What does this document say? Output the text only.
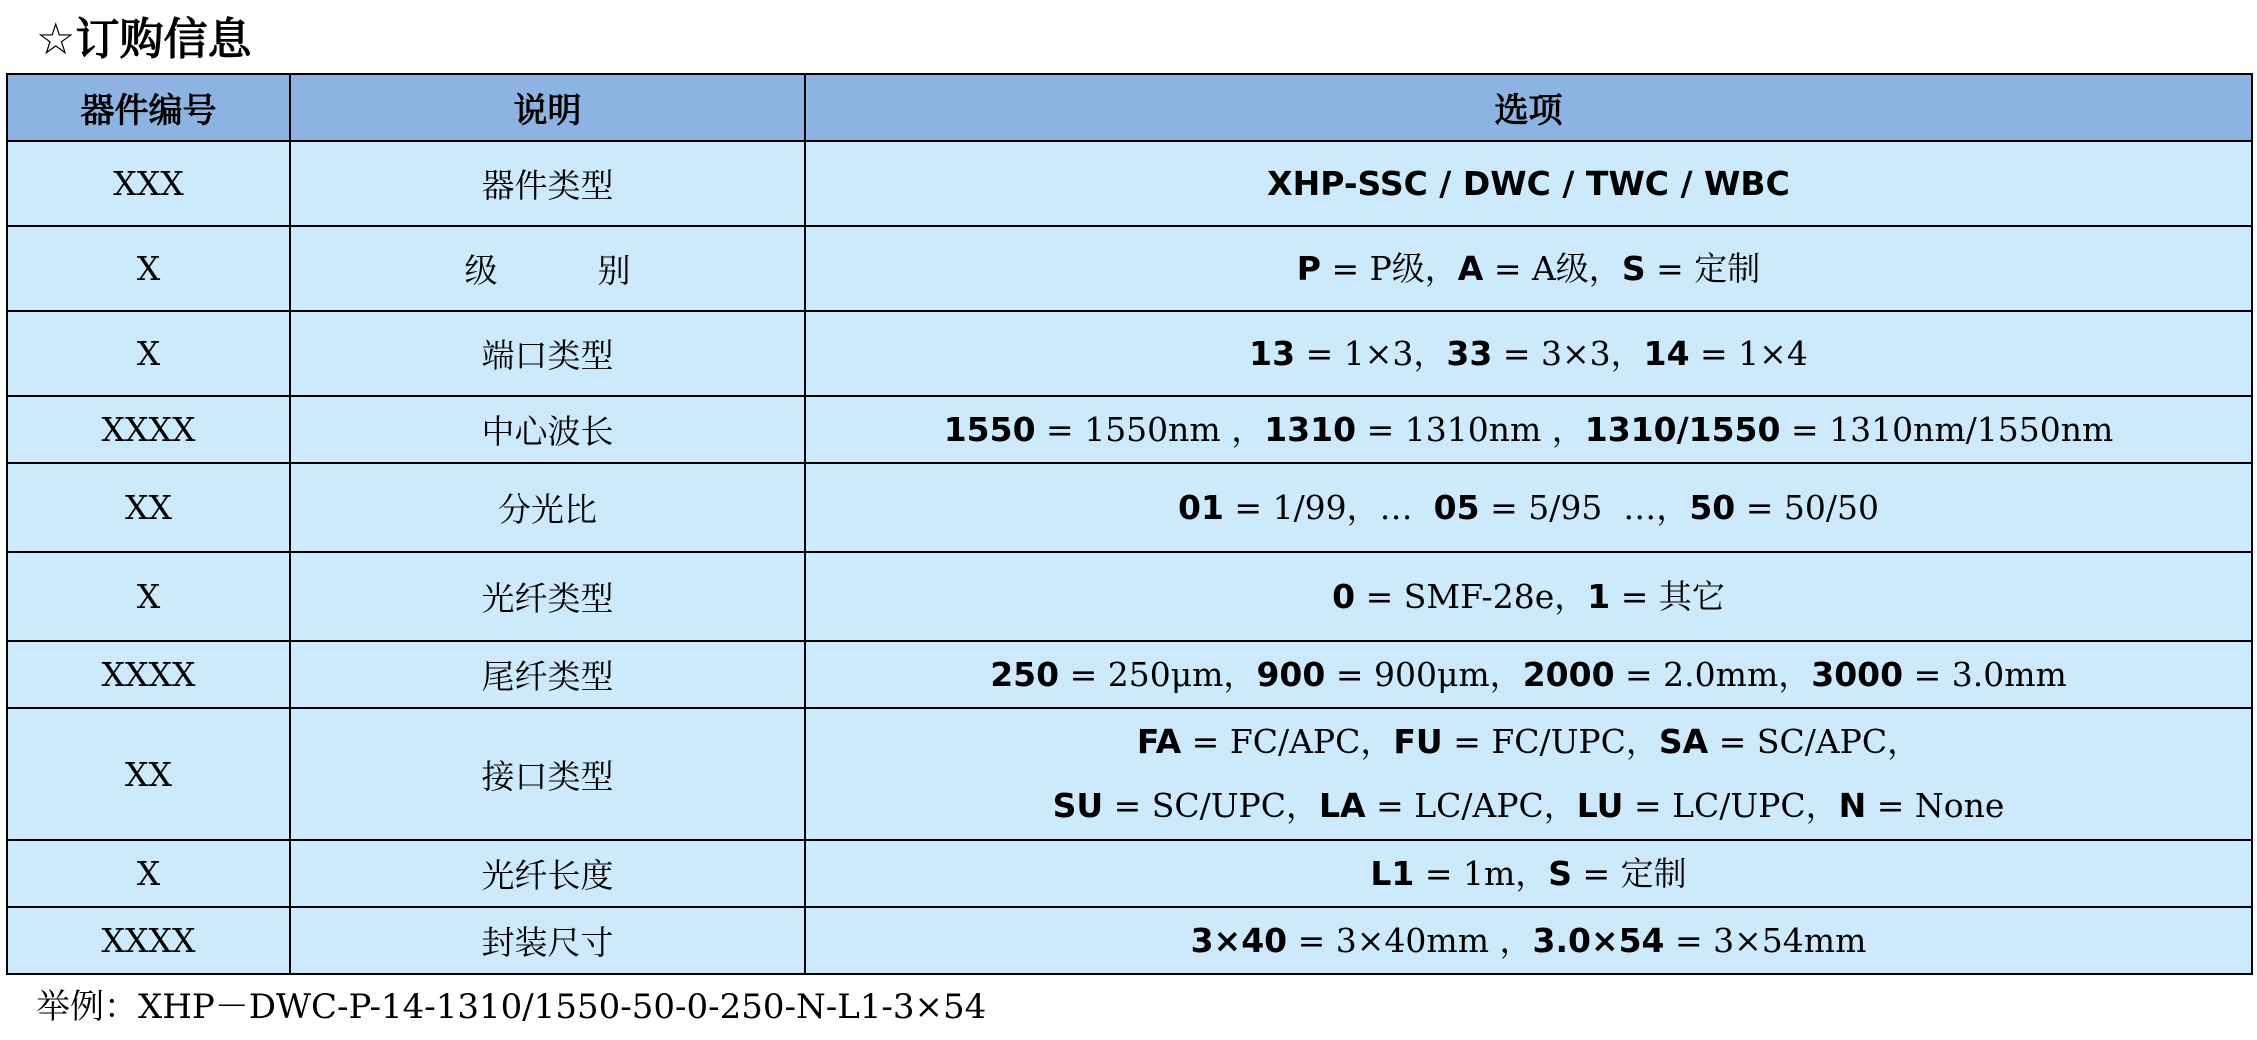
☆订购信息
器件编号	说明	选项
XXX	器件类型	XHP-SSC / DWC / TWC / WBC

X	级 别	P = P级，A = A级，S = 定制

X	端口类型	13 = 1×3，33 = 3×3，14 = 1×4

XXXX	中心波长	1550 = 1550nm ，1310 = 1310nm ，1310/1550 = 1310nm/1550nm

XX	分光比	01 = 1/99，…  05 = 5/95  …，50 = 50/50

X	光纤类型	0 = SMF-28e，1 = 其它

XXXX	尾纤类型	250 = 250μm，900 = 900μm，2000 = 2.0mm，3000 = 3.0mm

XX	接口类型	FA = FC/APC，FU = FC/UPC，SA = SC/APC，
SU = SC/UPC，LA = LC/APC，LU = LC/UPC，N = None

X	光纤长度	L1 = 1m，S = 定制

XXXX	封装尺寸	3×40 = 3×40mm ，3.0×54 = 3×54mm
举例：XHP－DWC-P-14-1310/1550-50-0-250-N-L1-3×54
